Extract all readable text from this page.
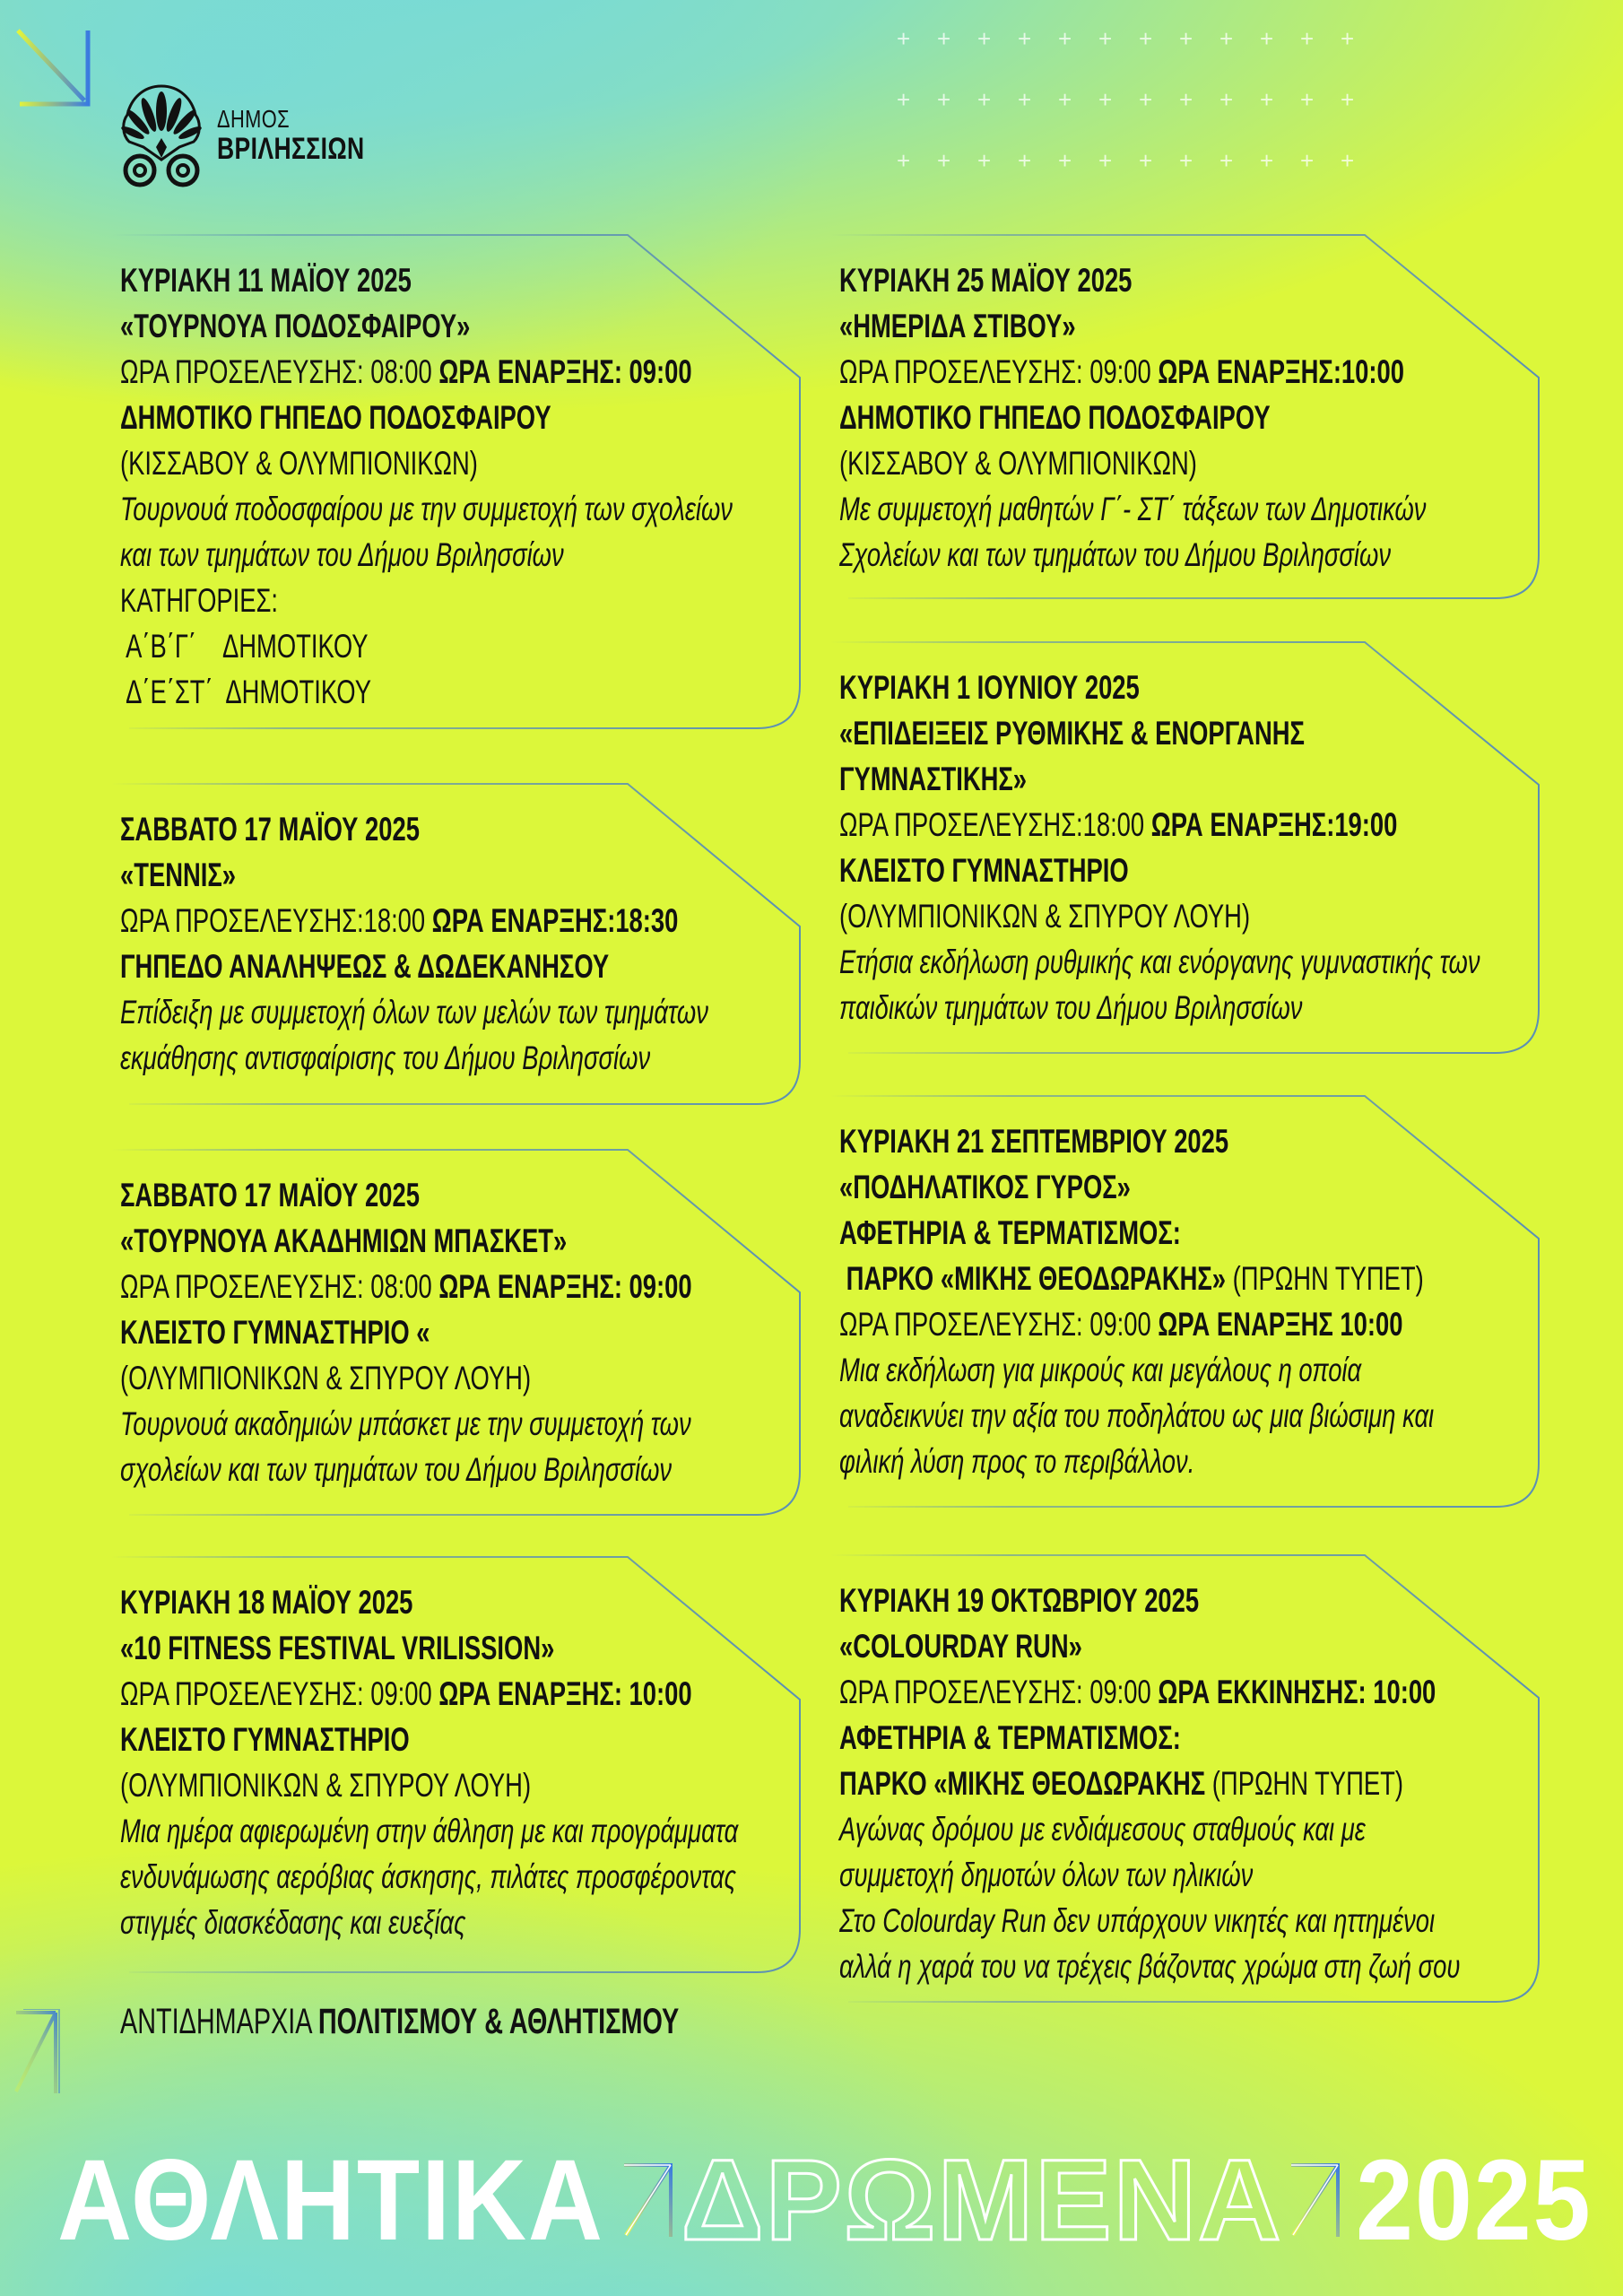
+ + + + + + + + + + + +
+ + + + + + + + + + + +
+ + + + + + + + + + + +
ΔΗΜΟΣ
ΒΡΙΛΗΣΣΙΩΝ
ΚΥΡΙΑΚΗ 11 ΜΑΪΟΥ 2025
«ΤΟΥΡΝΟΥΑ ΠΟΔΟΣΦΑΙΡΟΥ»
ΩΡΑ ΠΡΟΣΕΛΕΥΣΗΣ: 08:00 ΩΡΑ ΕΝΑΡΞΗΣ: 09:00
ΔΗΜΟΤΙΚΟ ΓΗΠΕΔΟ ΠΟΔΟΣΦΑΙΡΟΥ
(ΚΙΣΣΑΒΟΥ & ΟΛΥΜΠΙΟΝΙΚΩΝ)
Τουρνουά ποδοσφαίρου με την συμμετοχή των σχολείων
και των τμημάτων του Δήμου Βριλησσίων
ΚΑΤΗΓΟΡΙΕΣ:
Α΄Β΄Γ΄    ΔΗΜΟΤΙΚΟΥ
Δ΄Ε΄ΣΤ΄  ΔΗΜΟΤΙΚΟΥ
ΣΑΒΒΑΤΟ 17 ΜΑΪΟΥ 2025
«ΤΕΝΝΙΣ»
ΩΡΑ ΠΡΟΣΕΛΕΥΣΗΣ:18:00 ΩΡΑ ΕΝΑΡΞΗΣ:18:30
ΓΗΠΕΔΟ ΑΝΑΛΗΨΕΩΣ & ΔΩΔΕΚΑΝΗΣΟΥ
Επίδειξη με συμμετοχή όλων των μελών των τμημάτων
εκμάθησης αντισφαίρισης του Δήμου Βριλησσίων
ΣΑΒΒΑΤΟ 17 ΜΑΪΟΥ 2025
«ΤΟΥΡΝΟΥΑ ΑΚΑΔΗΜΙΩΝ ΜΠΑΣΚΕΤ»
ΩΡΑ ΠΡΟΣΕΛΕΥΣΗΣ: 08:00 ΩΡΑ ΕΝΑΡΞΗΣ: 09:00
ΚΛΕΙΣΤΟ ΓΥΜΝΑΣΤΗΡΙΟ «
(ΟΛΥΜΠΙΟΝΙΚΩΝ & ΣΠΥΡΟΥ ΛΟΥΗ)
Τουρνουά ακαδημιών μπάσκετ με την συμμετοχή των
σχολείων και των τμημάτων του Δήμου Βριλησσίων
ΚΥΡΙΑΚΗ 18 ΜΑΪΟΥ 2025
«10 FITNESS FESTIVAL VRILISSION»
ΩΡΑ ΠΡΟΣΕΛΕΥΣΗΣ: 09:00 ΩΡΑ ΕΝΑΡΞΗΣ: 10:00
ΚΛΕΙΣΤΟ ΓΥΜΝΑΣΤΗΡΙΟ
(ΟΛΥΜΠΙΟΝΙΚΩΝ & ΣΠΥΡΟΥ ΛΟΥΗ)
Μια ημέρα αφιερωμένη στην άθληση με και προγράμματα
ενδυνάμωσης αερόβιας άσκησης, πιλάτες προσφέροντας
στιγμές διασκέδασης και ευεξίας
ΚΥΡΙΑΚΗ 25 ΜΑΪΟΥ 2025
«ΗΜΕΡΙΔΑ ΣΤΙΒΟΥ»
ΩΡΑ ΠΡΟΣΕΛΕΥΣΗΣ: 09:00 ΩΡΑ ΕΝΑΡΞΗΣ:10:00
ΔΗΜΟΤΙΚΟ ΓΗΠΕΔΟ ΠΟΔΟΣΦΑΙΡΟΥ
(ΚΙΣΣΑΒΟΥ & ΟΛΥΜΠΙΟΝΙΚΩΝ)
Με συμμετοχή μαθητών Γ΄- ΣΤ΄ τάξεων των Δημοτικών
Σχολείων και των τμημάτων του Δήμου Βριλησσίων
ΚΥΡΙΑΚΗ 1 ΙΟΥΝΙΟΥ 2025
«ΕΠΙΔΕΙΞΕΙΣ ΡΥΘΜΙΚΗΣ & ΕΝΟΡΓΑΝΗΣ
ΓΥΜΝΑΣΤΙΚΗΣ»
ΩΡΑ ΠΡΟΣΕΛΕΥΣΗΣ:18:00 ΩΡΑ ΕΝΑΡΞΗΣ:19:00
ΚΛΕΙΣΤΟ ΓΥΜΝΑΣΤΗΡΙΟ
(ΟΛΥΜΠΙΟΝΙΚΩΝ & ΣΠΥΡΟΥ ΛΟΥΗ)
Ετήσια εκδήλωση ρυθμικής και ενόργανης γυμναστικής των
παιδικών τμημάτων του Δήμου Βριλησσίων
ΚΥΡΙΑΚΗ 21 ΣΕΠΤΕΜΒΡΙΟΥ 2025
«ΠΟΔΗΛΑΤΙΚΟΣ ΓΥΡΟΣ»
ΑΦΕΤΗΡΙΑ & ΤΕΡΜΑΤΙΣΜΟΣ:
ΠΑΡΚΟ «ΜΙΚΗΣ ΘΕΟΔΩΡΑΚΗΣ» (ΠΡΩΗΝ ΤΥΠΕΤ)
ΩΡΑ ΠΡΟΣΕΛΕΥΣΗΣ: 09:00 ΩΡΑ ΕΝΑΡΞΗΣ 10:00
Μια εκδήλωση για μικρούς και μεγάλους η οποία
αναδεικνύει την αξία του ποδηλάτου ως μια βιώσιμη και
φιλική λύση προς το περιβάλλον.
ΚΥΡΙΑΚΗ 19 ΟΚΤΩΒΡΙΟΥ 2025
«COLOURDAY RUN»
ΩΡΑ ΠΡΟΣΕΛΕΥΣΗΣ: 09:00 ΩΡΑ ΕΚΚΙΝΗΣΗΣ: 10:00
ΑΦΕΤΗΡΙΑ & ΤΕΡΜΑΤΙΣΜΟΣ:
ΠΑΡΚΟ «ΜΙΚΗΣ ΘΕΟΔΩΡΑΚΗΣ (ΠΡΩΗΝ ΤΥΠΕΤ)
Αγώνας δρόμου με ενδιάμεσους σταθμούς και με
συμμετοχή δημοτών όλων των ηλικιών
Στο Colourday Run δεν υπάρχουν νικητές και ηττημένοι
αλλά η χαρά του να τρέχεις βάζοντας χρώμα στη ζωή σου
ΑΝΤΙΔΗΜΑΡΧΙΑ ΠΟΛΙΤΙΣΜΟΥ & ΑΘΛΗΤΙΣΜΟΥ
ΑΘΛΗΤΙΚΑ ΔΡΩΜΕΝΑ 2025
